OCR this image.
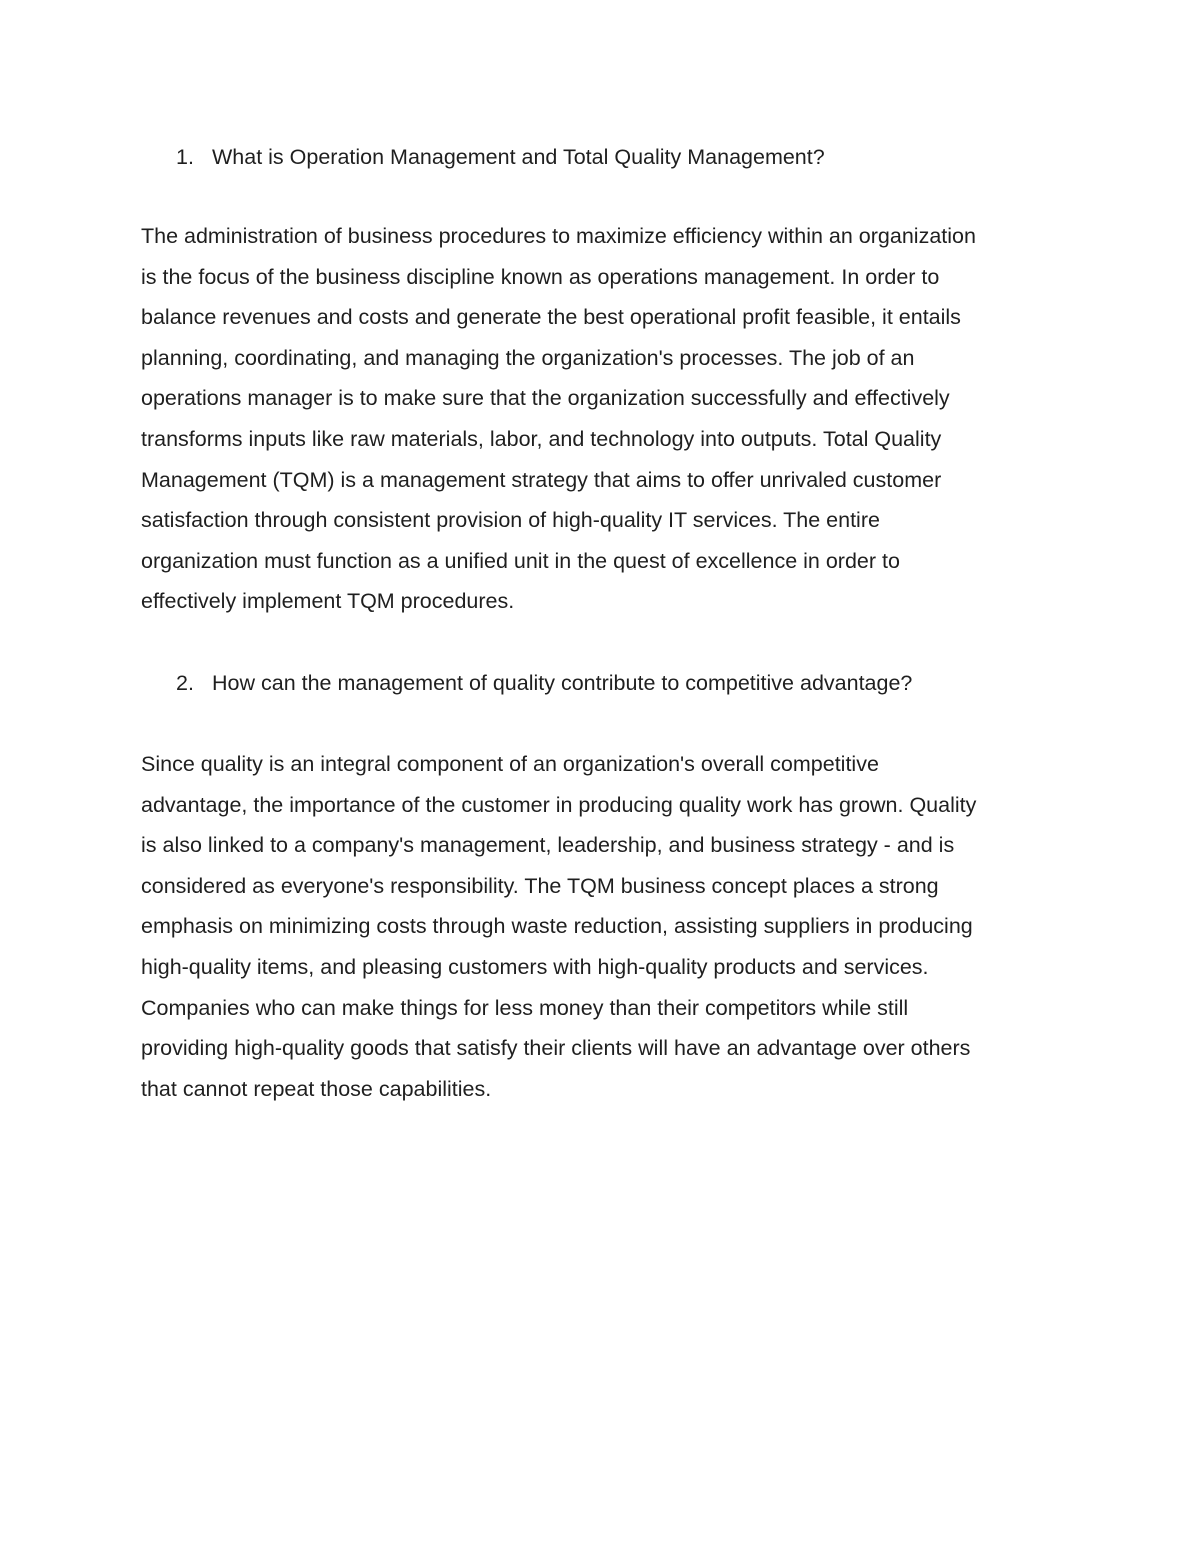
1. What is Operation Management and Total Quality Management?
The administration of business procedures to maximize efficiency within an organization
is the focus of the business discipline known as operations management. In order to
balance revenues and costs and generate the best operational profit feasible, it entails
planning, coordinating, and managing the organization's processes. The job of an
operations manager is to make sure that the organization successfully and effectively
transforms inputs like raw materials, labor, and technology into outputs. Total Quality
Management (TQM) is a management strategy that aims to offer unrivaled customer
satisfaction through consistent provision of high-quality IT services. The entire
organization must function as a unified unit in the quest of excellence in order to
effectively implement TQM procedures.
2. How can the management of quality contribute to competitive advantage?
Since quality is an integral component of an organization's overall competitive
advantage, the importance of the customer in producing quality work has grown. Quality
is also linked to a company's management, leadership, and business strategy - and is
considered as everyone's responsibility. The TQM business concept places a strong
emphasis on minimizing costs through waste reduction, assisting suppliers in producing
high-quality items, and pleasing customers with high-quality products and services.
Companies who can make things for less money than their competitors while still
providing high-quality goods that satisfy their clients will have an advantage over others
that cannot repeat those capabilities.
